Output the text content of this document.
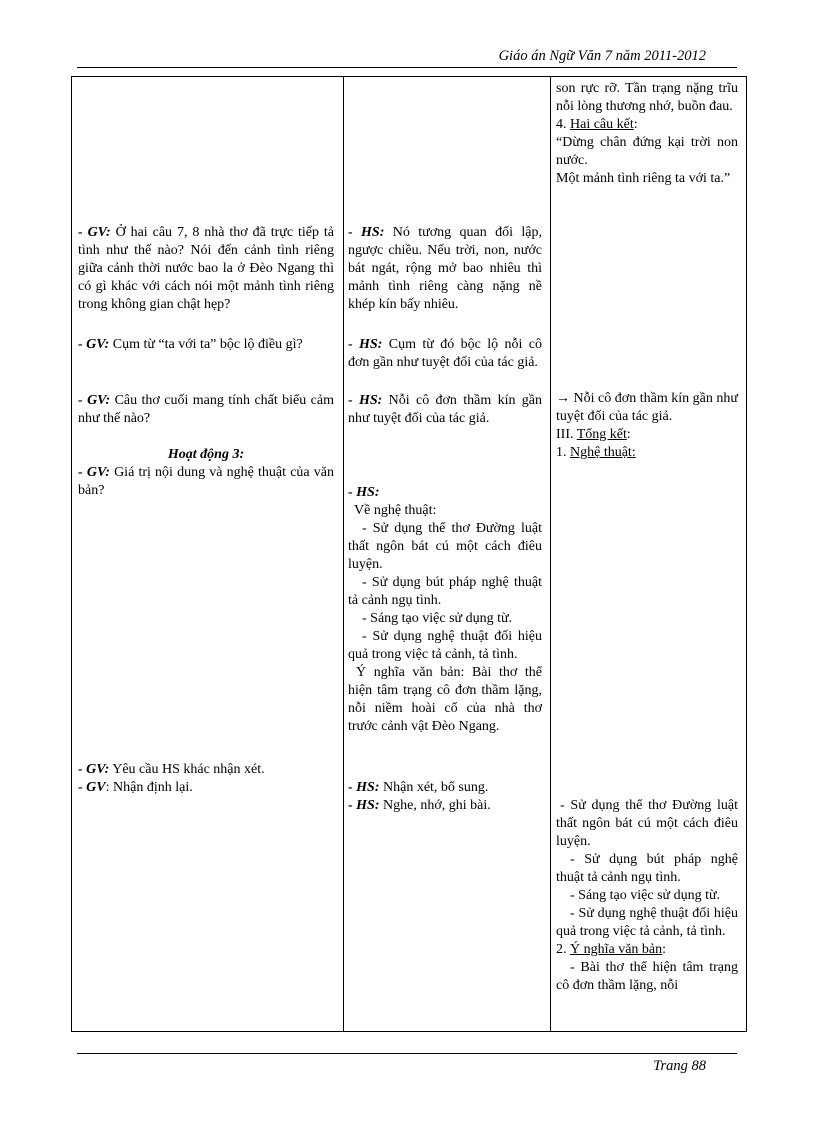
Giáo án Ngữ Văn 7 năm 2011-2012

- GV: Ở hai câu 7, 8 nhà thơ đã trực tiếp tả tình như thế nào? Nói đến cảnh tình riêng giữa cảnh thời nước bao la ở Đèo Ngang thì có gì khác với cách nói một mảnh tình riêng trong không gian chật hẹp?

- GV: Cụm từ “ta với ta” bộc lộ điều gì?

- GV: Câu thơ cuối mang tính chất biểu cảm như thế nào?

Hoạt động 3:

- GV: Giá trị nội dung và nghệ thuật của văn bản?

- GV: Yêu cầu HS khác nhận xét.

- GV: Nhận định lại.

- HS: Nó tương quan đối lập, ngược chiều. Nếu trời, non, nước bát ngát, rộng mở bao nhiêu thì mảnh tình riêng càng nặng nề khép kín bấy nhiêu.

- HS: Cụm từ đó bộc lộ nỗi cô đơn gần như tuyệt đối của tác giả.

- HS: Nỗi cô đơn thầm kín gần như tuyệt đối của tác giả.

- HS:

Về nghệ thuật:

- Sử dụng thể thơ Đường luật thất ngôn bát cú một cách điêu luyện.

- Sử dụng bút pháp nghệ thuật tả cảnh ngụ tình.

- Sáng tạo việc sử dụng từ.

- Sử dụng nghệ thuật đối hiệu quả trong việc tả cảnh, tả tình.

Ý nghĩa văn bản: Bài thơ thể hiện tâm trạng cô đơn thầm lặng, nỗi niềm hoài cổ của nhà thơ trước cảnh vật Đèo Ngang.

- HS: Nhận xét, bổ sung.

- HS: Nghe, nhớ, ghi bài.

son rực rỡ. Tần trạng nặng trĩu nỗi lòng thương nhớ, buồn đau.

4. Hai câu kết:

“Dừng chân đứng kại trời non nước.
Một mảnh tình riêng ta với ta.”

→ Nỗi cô đơn thầm kín gần như tuyệt đối của tác giả.

III. Tổng kết:

1. Nghệ thuật:

- Sử dụng thể thơ Đường luật thất ngôn bát cú một cách điêu luyện.

- Sử dụng bút pháp nghệ thuật tả cảnh ngụ tình.

- Sáng tạo việc sử dụng từ.

- Sử dụng nghệ thuật đối hiệu quả trong việc tả cảnh, tả tình.

2. Ý nghĩa văn bản:

- Bài thơ thể hiện tâm trạng cô đơn thầm lặng, nỗi

Trang 88
